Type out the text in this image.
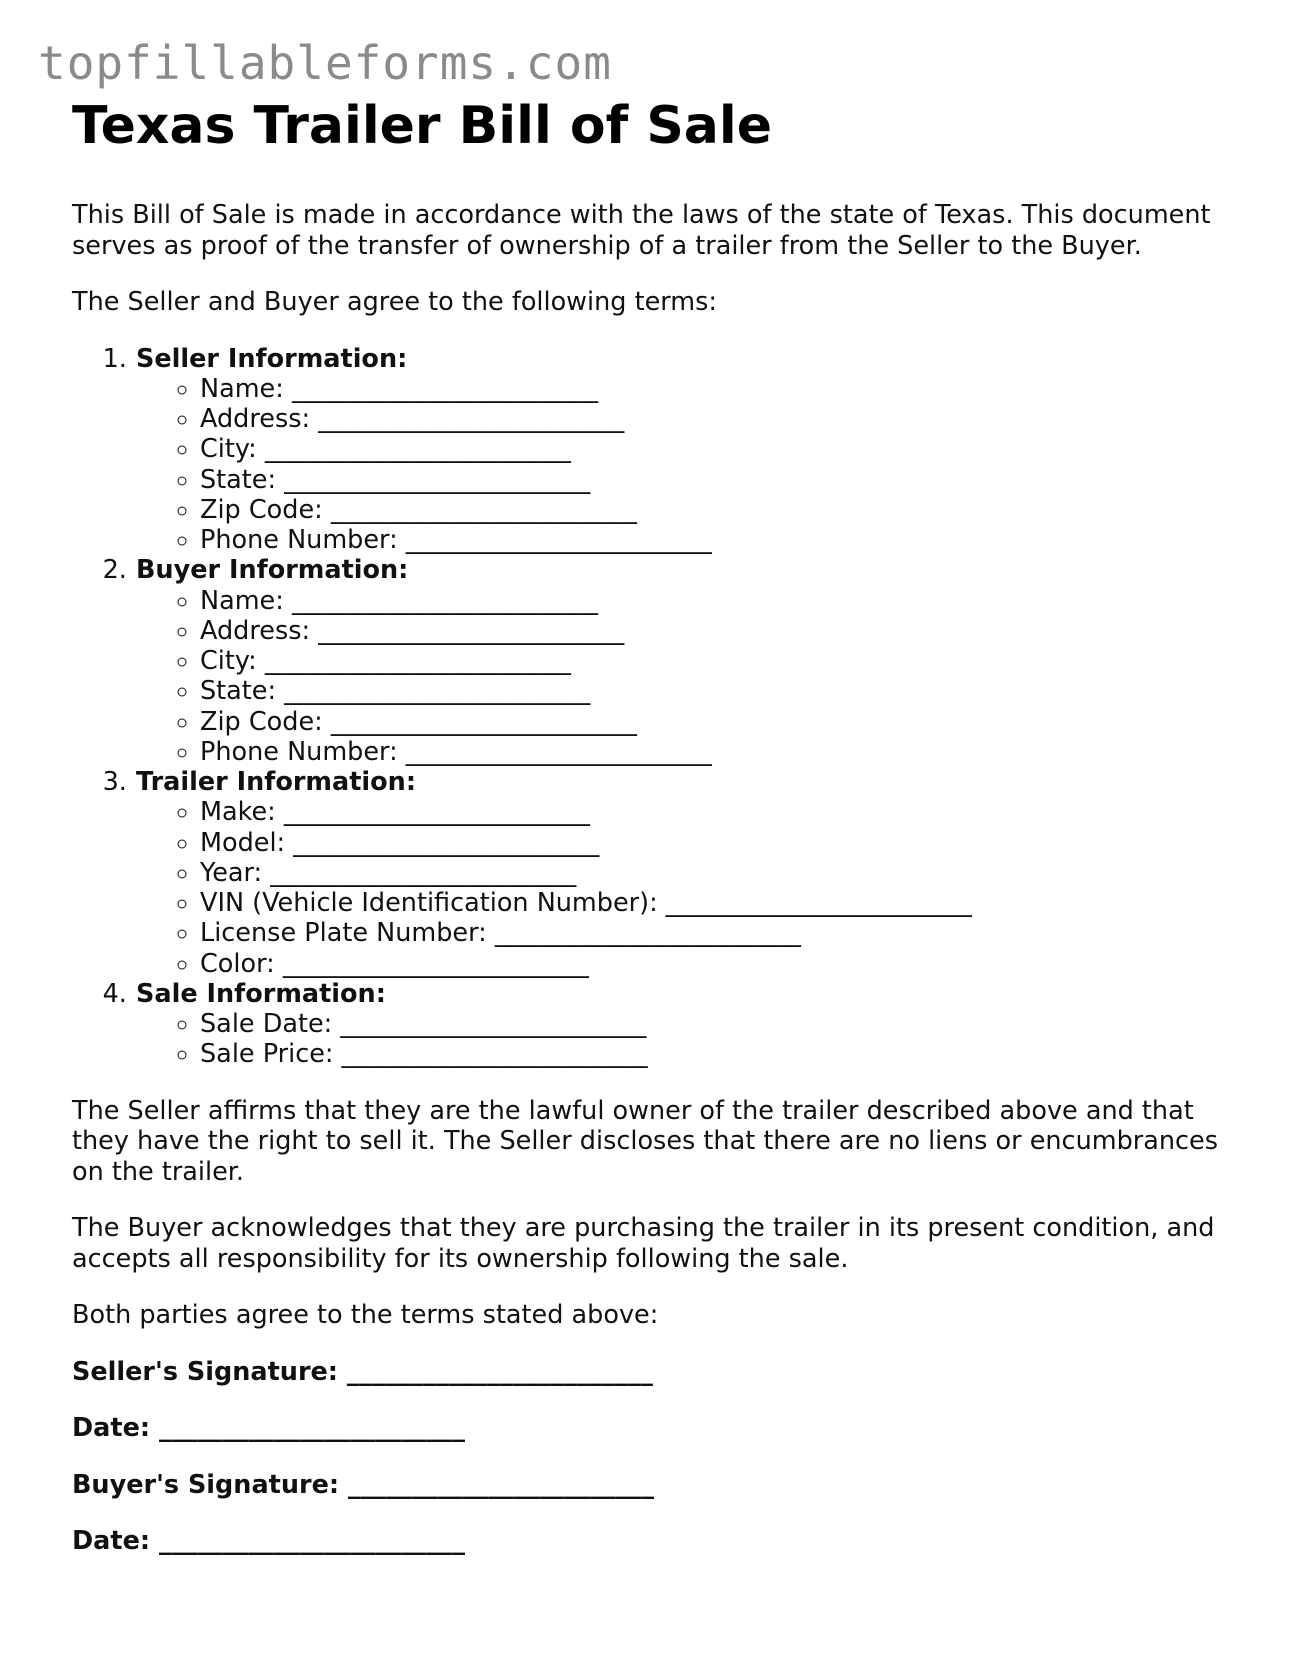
topfillableforms.com
Texas Trailer Bill of Sale

This Bill of Sale is made in accordance with the laws of the state of Texas. This document serves as proof of the transfer of ownership of a trailer from the Seller to the Buyer.

The Seller and Buyer agree to the following terms:

1. Seller Information:
◦ Name: ________________________
◦ Address: ________________________
◦ City: ________________________
◦ State: ________________________
◦ Zip Code: ________________________
◦ Phone Number: ________________________
2. Buyer Information:
◦ Name: ________________________
◦ Address: ________________________
◦ City: ________________________
◦ State: ________________________
◦ Zip Code: ________________________
◦ Phone Number: ________________________
3. Trailer Information:
◦ Make: ________________________
◦ Model: ________________________
◦ Year: ________________________
◦ VIN (Vehicle Identification Number): ________________________
◦ License Plate Number: ________________________
◦ Color: ________________________
4. Sale Information:
◦ Sale Date: ________________________
◦ Sale Price: ________________________

The Seller affirms that they are the lawful owner of the trailer described above and that they have the right to sell it. The Seller discloses that there are no liens or encumbrances on the trailer.

The Buyer acknowledges that they are purchasing the trailer in its present condition, and accepts all responsibility for its ownership following the sale.

Both parties agree to the terms stated above:

Seller's Signature: ________________________

Date: ________________________

Buyer's Signature: ________________________

Date: ________________________
